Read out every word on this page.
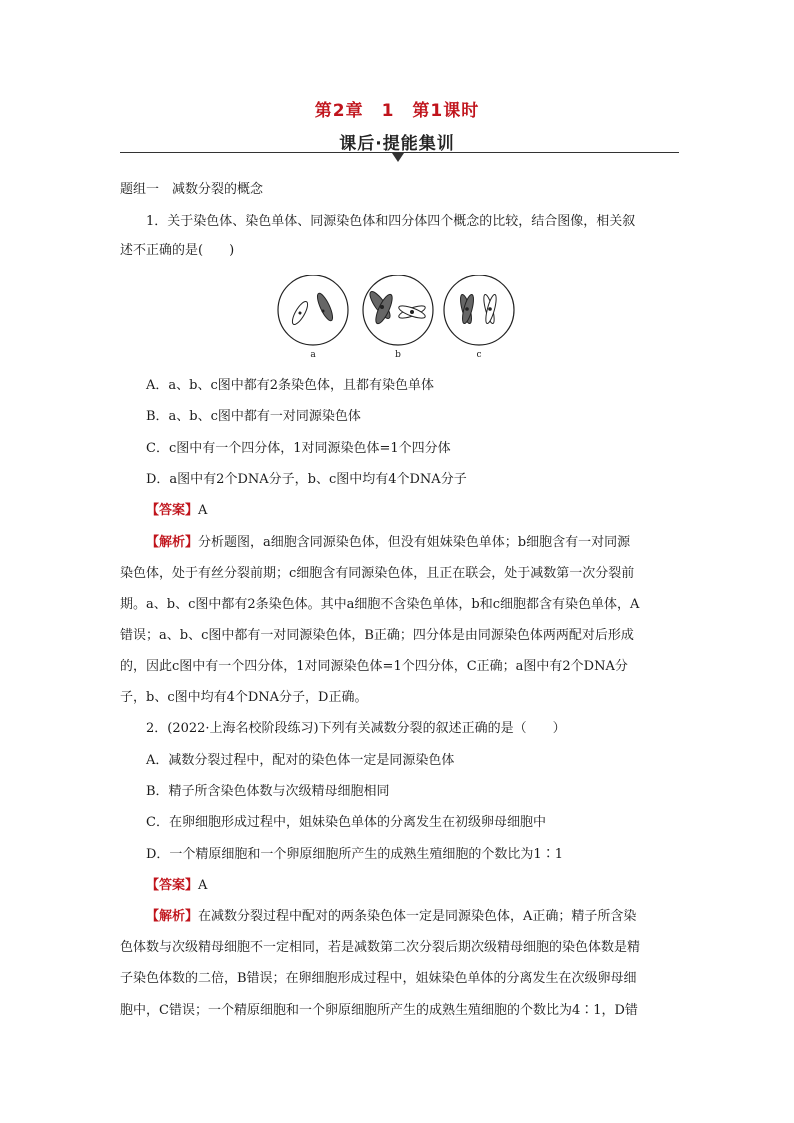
第2章　1　第1课时
课后·提能集训
题组一　减数分裂的概念
1．关于染色体、染色单体、同源染色体和四分体四个概念的比较，结合图像，相关叙
述不正确的是(　　)
a	b	c
A．a、b、c图中都有2条染色体，且都有染色单体
B．a、b、c图中都有一对同源染色体
C．c图中有一个四分体，1对同源染色体=1个四分体
D．a图中有2个DNA分子，b、c图中均有4个DNA分子
【答案】A
【解析】分析题图，a细胞含同源染色体，但没有姐妹染色单体；b细胞含有一对同源
染色体，处于有丝分裂前期；c细胞含有同源染色体，且正在联会，处于减数第一次分裂前
期。a、b、c图中都有2条染色体。其中a细胞不含染色单体，b和c细胞都含有染色单体，A
错误；a、b、c图中都有一对同源染色体，B正确；四分体是由同源染色体两两配对后形成
的，因此c图中有一个四分体，1对同源染色体=1个四分体，C正确；a图中有2个DNA分
子，b、c图中均有4个DNA分子，D正确。
2．(2022·上海名校阶段练习)下列有关减数分裂的叙述正确的是（　　）
A．减数分裂过程中，配对的染色体一定是同源染色体
B．精子所含染色体数与次级精母细胞相同
C．在卵细胞形成过程中，姐妹染色单体的分离发生在初级卵母细胞中
D．一个精原细胞和一个卵原细胞所产生的成熟生殖细胞的个数比为1∶1
【答案】A
【解析】在减数分裂过程中配对的两条染色体一定是同源染色体，A正确；精子所含染
色体数与次级精母细胞不一定相同，若是减数第二次分裂后期次级精母细胞的染色体数是精
子染色体数的二倍，B错误；在卵细胞形成过程中，姐妹染色单体的分离发生在次级卵母细
胞中，C错误；一个精原细胞和一个卵原细胞所产生的成熟生殖细胞的个数比为4∶1，D错
